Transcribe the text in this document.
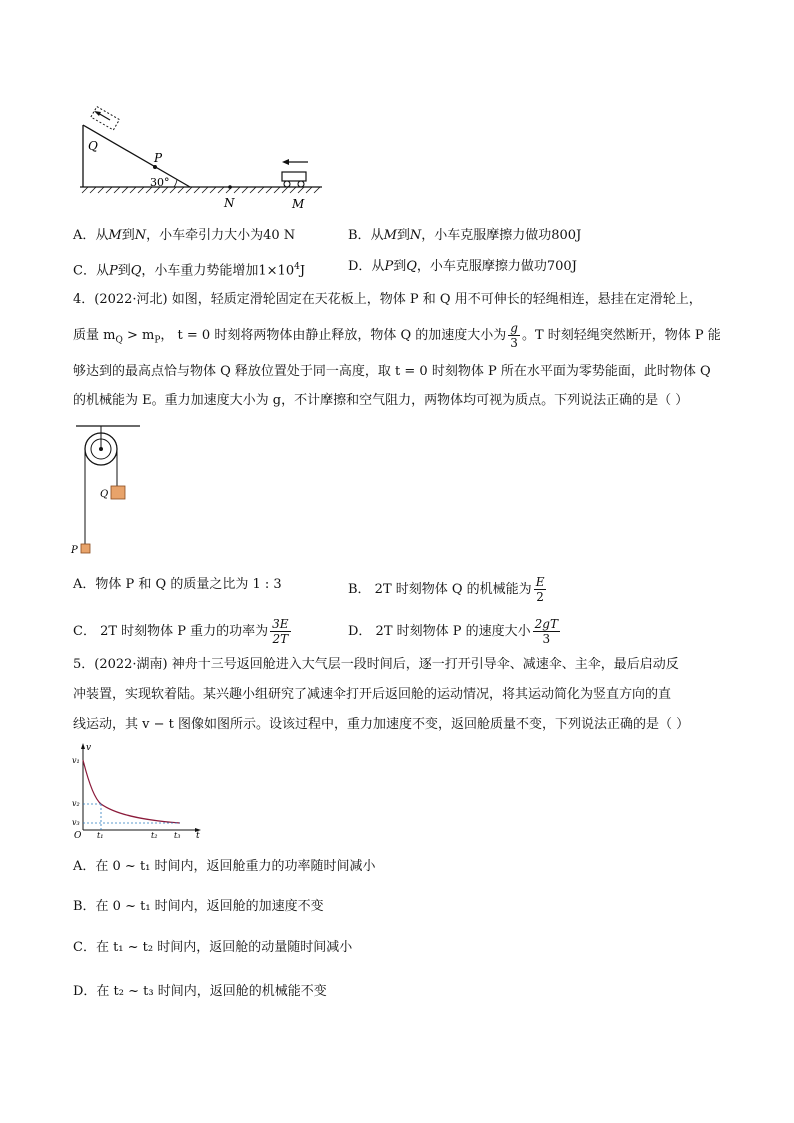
Q
P
30°
N	M
A．从M到N，小车牵引力大小为40 N	B．从M到N，小车克服摩擦力做功800J
C．从P到Q，小车重力势能增加$1\times 10^4J$	D．从P到Q，小车克服摩擦力做功700J
4．(2022·河北) 如图，轻质定滑轮固定在天花板上，物体 P 和 Q 用不可伸长的轻绳相连，悬挂在定滑轮上，
质量 $m_Q > m_P$， t = 0 时刻将两物体由静止释放，物体 Q 的加速度大小为 $\frac{g}{3}$ 。T 时刻轻绳突然断开，物体 P 能
够达到的最高点恰与物体 Q 释放位置处于同一高度，取 t = 0 时刻物体 P 所在水平面为零势能面，此时物体 Q
的机械能为 E。重力加速度大小为 g，不计摩擦和空气阻力，两物体均可视为质点。下列说法正确的是（ ）
Q
P
A．物体 P 和 Q 的质量之比为 1 : 3	B． 2T 时刻物体 Q 的机械能为 $\frac{E}{2}$
C． 2T 时刻物体 P 重力的功率为 $\frac{3E}{2T}$	D． 2T 时刻物体 P 的速度大小 $\frac{2gT}{3}$
5．(2022·湖南) 神舟十三号返回舱进入大气层一段时间后，逐一打开引导伞、减速伞、主伞，最后启动反
冲装置，实现软着陆。某兴趣小组研究了减速伞打开后返回舱的运动情况，将其运动简化为竖直方向的直
线运动，其 v − t 图像如图所示。设该过程中，重力加速度不变，返回舱质量不变，下列说法正确的是（ ）
v
t
v₁
v₂
v₃
O t₁	t₂ t₃
A．在 0 ~ t₁ 时间内，返回舱重力的功率随时间减小
B．在 0 ~ t₁ 时间内，返回舱的加速度不变
C．在 t₁ ~ t₂ 时间内，返回舱的动量随时间减小
D．在 t₂ ~ t₃ 时间内，返回舱的机械能不变
